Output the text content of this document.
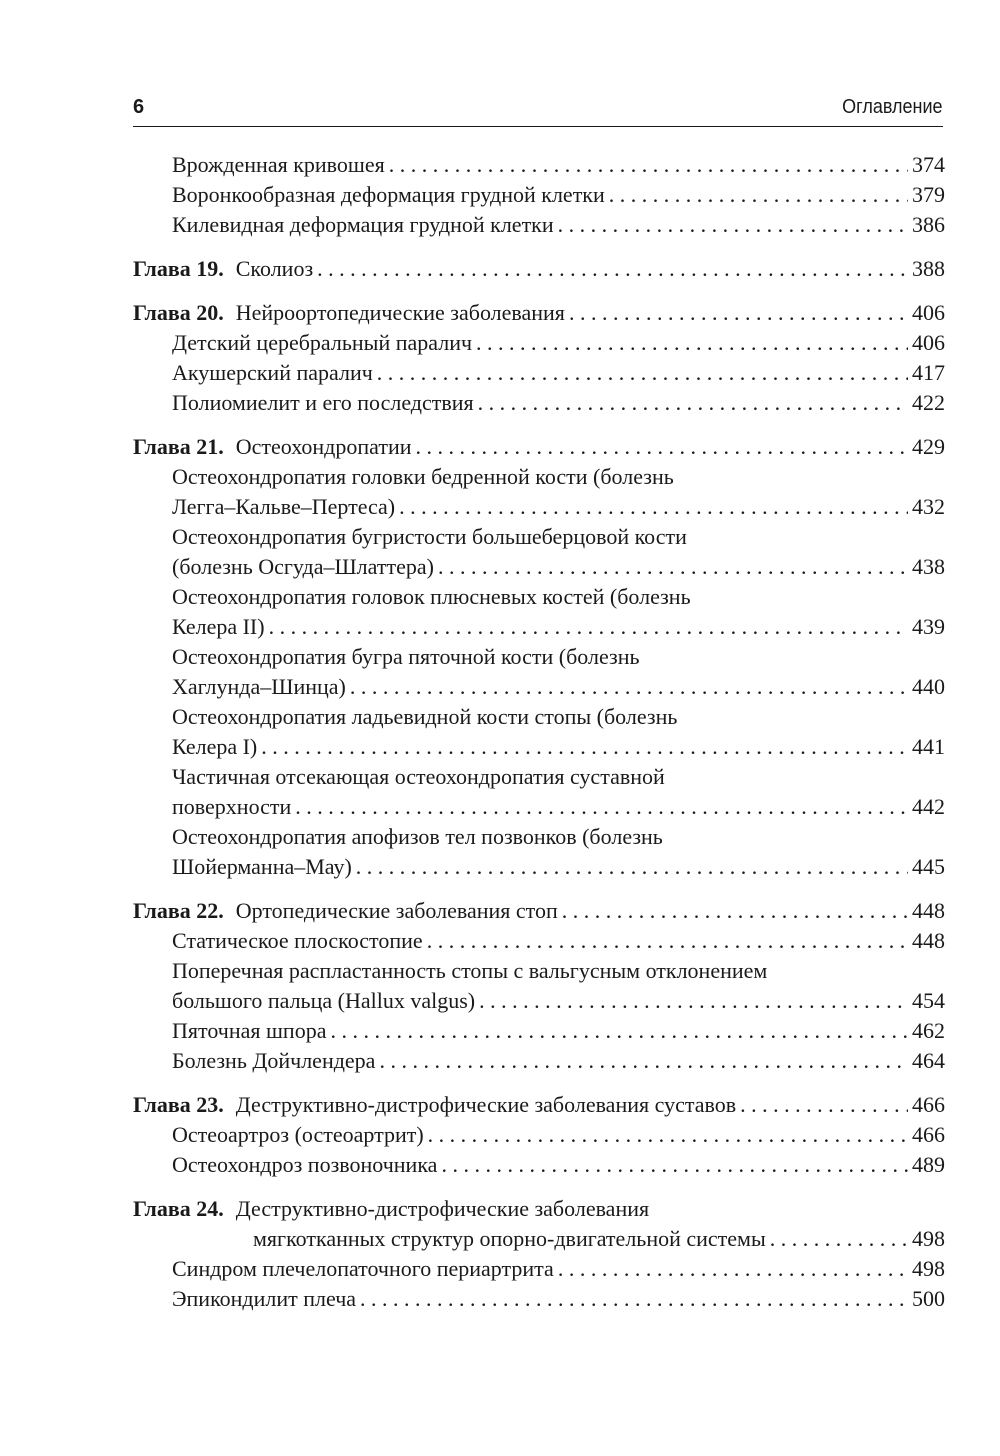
6	Оглавление
Врожденная кривошея . . .	374
Воронкообразная деформация грудной клетки . . .	379
Килевидная деформация грудной клетки . . .	386
Глава 19. Сколиоз . . .	388
Глава 20. Нейроортопедические заболевания . . .	406
Детский церебральный паралич . . .	406
Акушерский паралич . . .	417
Полиомиелит и его последствия . . .	422
Глава 21. Остеохондропатии . . .	429
Остеохондропатия головки бедренной кости (болезнь
Легга–Кальве–Пертеса) . . .	432
Остеохондропатия бугристости большеберцовой кости
(болезнь Осгуда–Шлаттера) . . .	438
Остеохондропатия головок плюсневых костей (болезнь
Келера II) . . .	439
Остеохондропатия бугра пяточной кости (болезнь
Хаглунда–Шинца) . . .	440
Остеохондропатия ладьевидной кости стопы (болезнь
Келера I) . . .	441
Частичная отсекающая остеохондропатия суставной
поверхности . . .	442
Остеохондропатия апофизов тел позвонков (болезнь
Шойерманна–Мау) . . .	445
Глава 22. Ортопедические заболевания стоп . . .	448
Статическое плоскостопие . . .	448
Поперечная распластанность стопы с вальгусным отклонением
большого пальца (Hallux valgus) . . .	454
Пяточная шпора . . .	462
Болезнь Дойчлендера . . .	464
Глава 23. Деструктивно-дистрофические заболевания суставов . . .	466
Остеоартроз (остеоартрит) . . .	466
Остеохондроз позвоночника . . .	489
Глава 24. Деструктивно-дистрофические заболевания
мягкотканных структур опорно-двигательной системы . . .	498
Синдром плечелопаточного периартрита . . .	498
Эпикондилит плеча . . .	500
